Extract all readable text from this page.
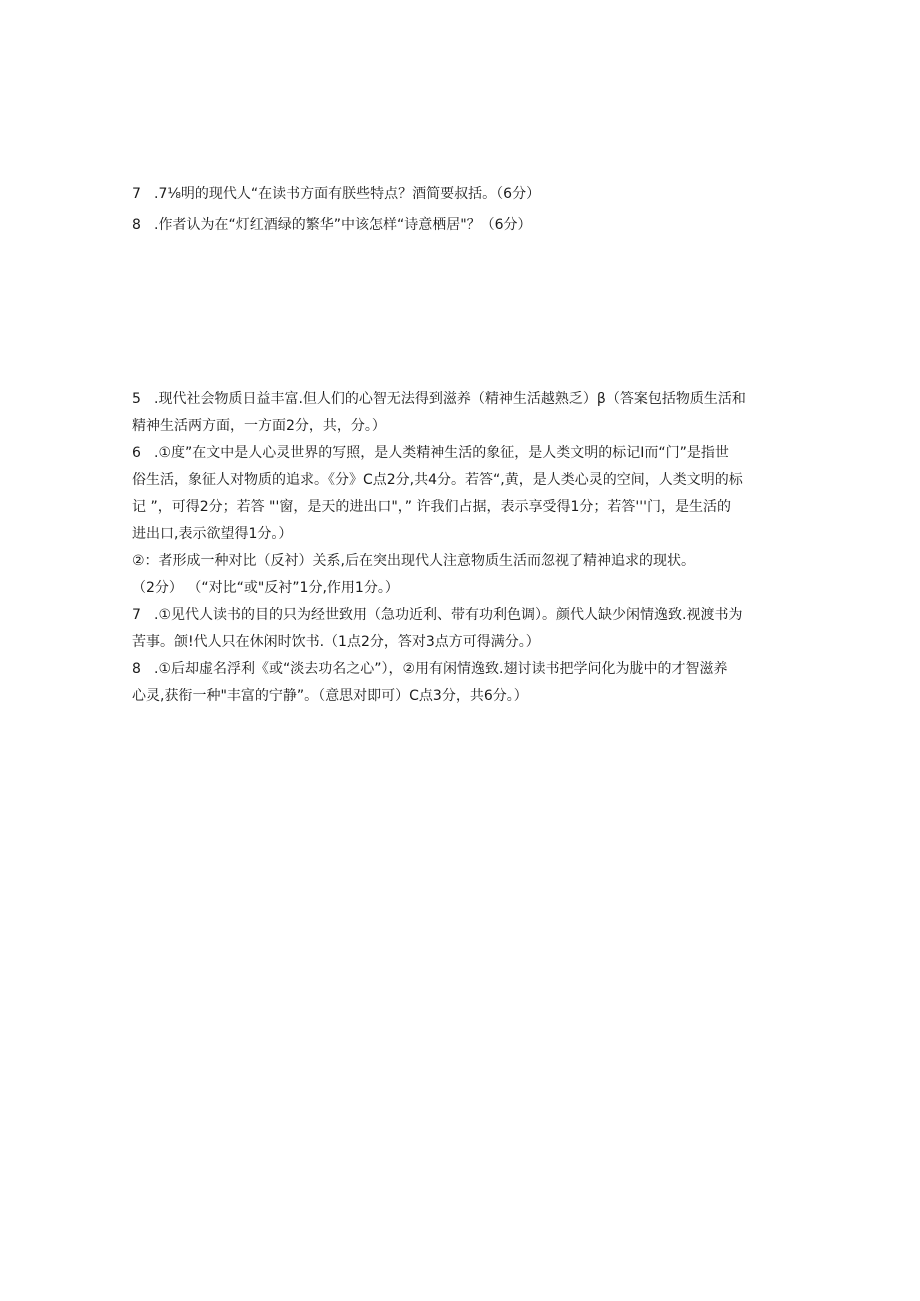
7 .7⅛明的现代人“在读书方面有朕些特点？酒简要叔括。（6分）
8 .作者认为在“灯红酒绿的繁华”中该怎样“诗意栖居"？（6分）
5 .现代社会物质日益丰富.但人们的心智无法得到滋养（精神生活越熟乏）β（答案包括物质生活和
精神生活两方面，一方面2分，共，分。）
6 .①度”在文中是人心灵世界的写照，是人类精神生活的象征，是人类文明的标记I而“门”是指世
俗生活，象征人对物质的追求。《分》C点2分,共4分。若答“,黄，是人类心灵的空间，人类文明的标
记 ”，可得2分；若答 "'窗，是天的进出口"，” 许我们占据，表示享受得1分；若答'''门，是生活的
进出口,表示欲望得1分。）
②：者形成一种对比（反衬）关系,后在突出现代人注意物质生活而忽视了精神追求的现状。
（2分） （“对比“或"反衬”1分,作用1分。）
7 .①见代人读书的目的只为经世致用（急功近利、带有功利色调）。颜代人缺少闲情逸致.视渡书为
苦事。颌!代人只在休闲时饮书.（1点2分，答对3点方可得满分。）
8 .①后却虚名浮利《或“淡去功名之心”），②用有闲情逸致.翅讨读书把学问化为胧中的才智滋养
心灵,获衔一种"丰富的宁静”。（意思对即可）C点3分，共6分。）
